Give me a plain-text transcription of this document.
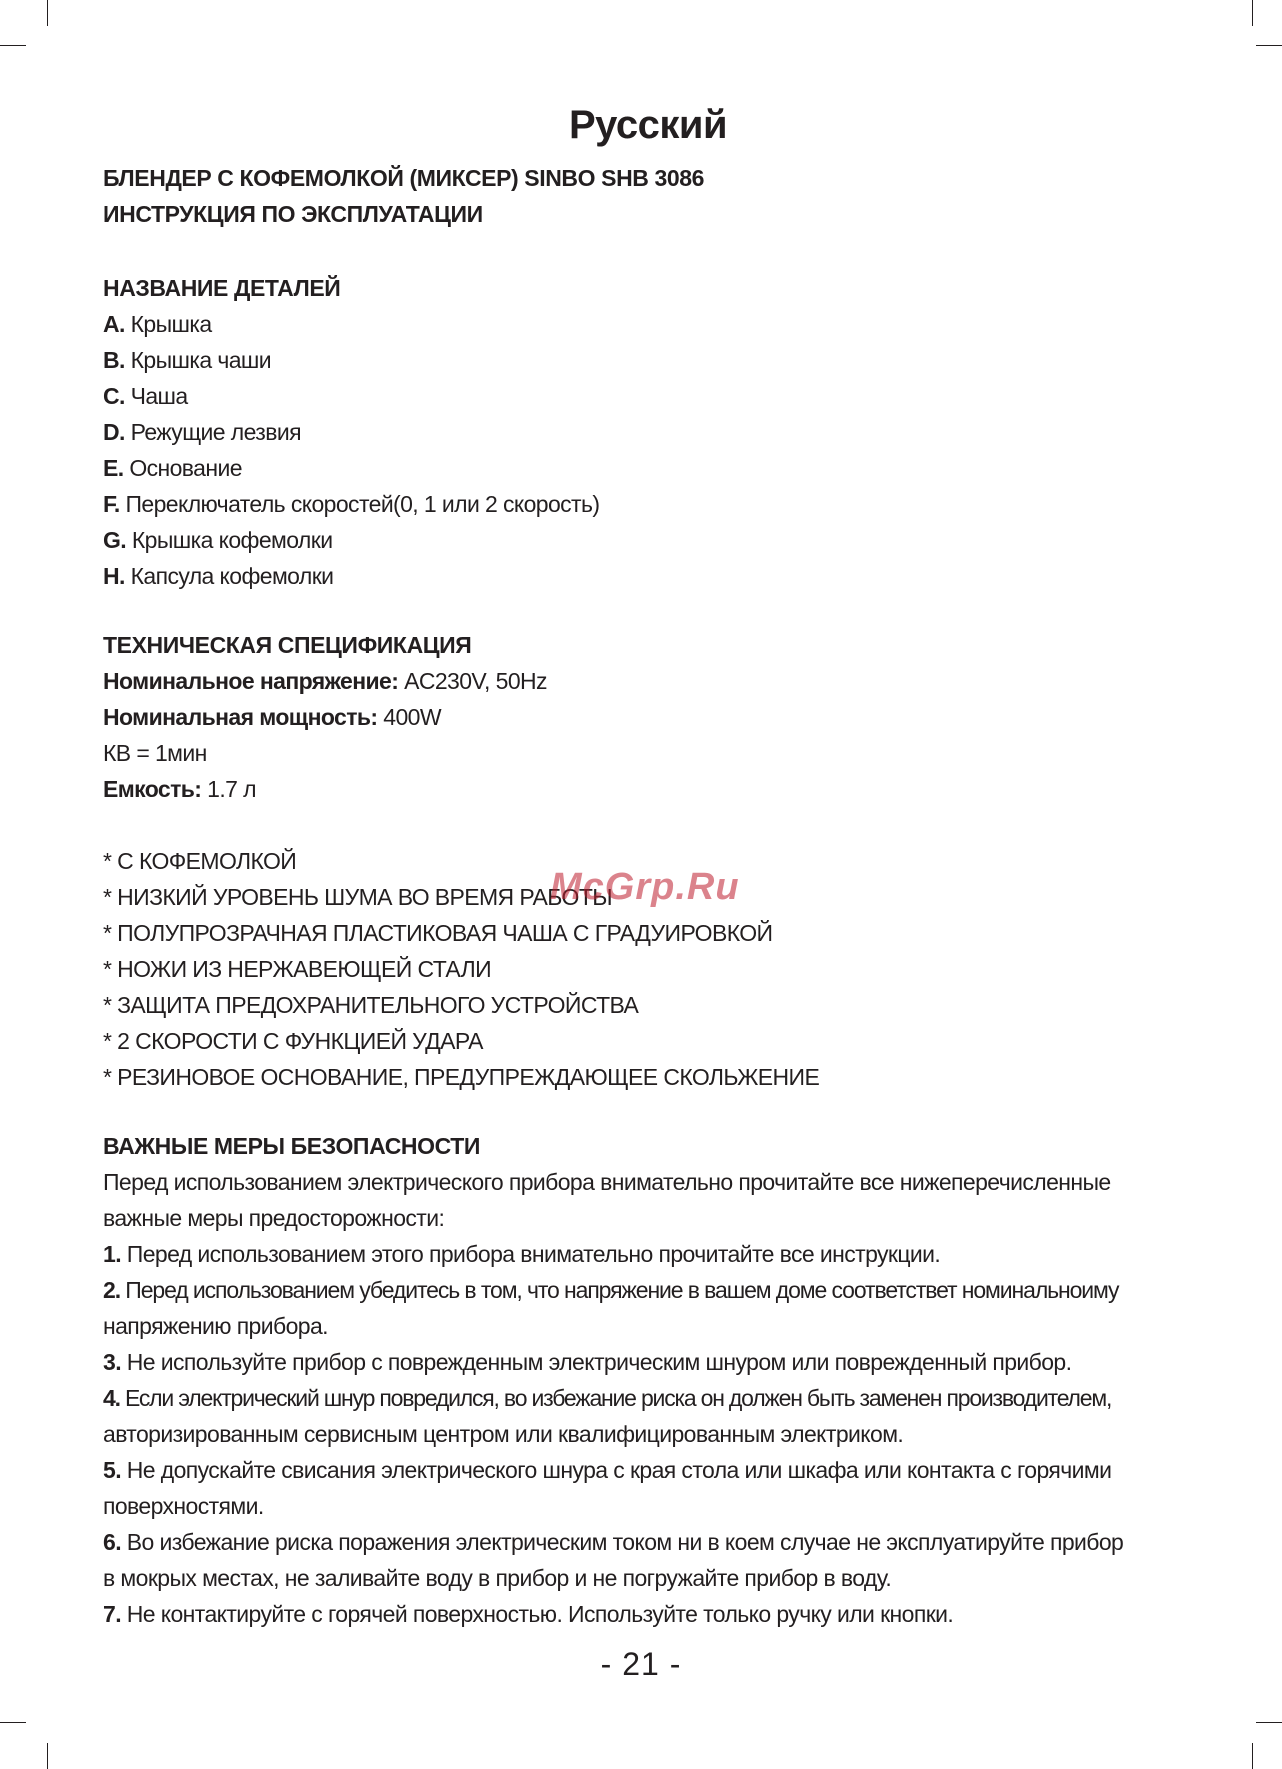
Русский
БЛЕНДЕР С КОФЕМОЛКОЙ (МИКСЕР) SINBO SHB 3086
ИНСТРУКЦИЯ ПО ЭКСПЛУАТАЦИИ
НАЗВАНИЕ ДЕТАЛЕЙ
A. Крышка
B. Крышка чаши
C. Чаша
D. Режущие лезвия
E. Основание
F. Переключатель скоростей(0, 1 или 2 скорость)
G. Крышка кофемолки
H. Капсула кофемолки
ТЕХНИЧЕСКАЯ СПЕЦИФИКАЦИЯ
Номинальное напряжение: AC230V, 50Hz
Номинальная мощность: 400W
КВ = 1мин
Емкость: 1.7 л
* С КОФЕМОЛКОЙ
* НИЗКИЙ УРОВЕНЬ ШУМА ВО ВРЕМЯ РАБОТЫ
* ПОЛУПРОЗРАЧНАЯ ПЛАСТИКОВАЯ ЧАША С ГРАДУИРОВКОЙ
* НОЖИ ИЗ НЕРЖАВЕЮЩЕЙ СТАЛИ
* ЗАЩИТА ПРЕДОХРАНИТЕЛЬНОГО УСТРОЙСТВА
* 2 СКОРОСТИ С ФУНКЦИЕЙ УДАРА
* РЕЗИНОВОЕ ОСНОВАНИЕ, ПРЕДУПРЕЖДАЮЩЕЕ СКОЛЬЖЕНИЕ
ВАЖНЫЕ МЕРЫ БЕЗОПАСНОСТИ
Перед использованием электрического прибора внимательно прочитайте все нижеперечисленные
важные меры предосторожности:
1. Перед использованием этого прибора внимательно прочитайте все инструкции.
2. Перед использованием убедитесь в том, что напряжение в вашем доме соответствет номинальноиму
напряжению прибора.
3. Не используйте прибор с поврежденным электрическим шнуром или поврежденный прибор.
4. Если электрический шнур повредился, во избежание риска он должен быть заменен производителем,
авторизированным сервисным центром или квалифицированным электриком.
5. Не допускайте свисания электрического шнура с края стола или шкафа или контакта с горячими
поверхностями.
6. Во избежание риска поражения электрическим током ни в коем случае не эксплуатируйте прибор
в мокрых местах, не заливайте воду в прибор и не погружайте прибор в воду.
7. Не контактируйте с горячей поверхностью. Используйте только ручку или кнопки.
McGrp.Ru
- 21 -
